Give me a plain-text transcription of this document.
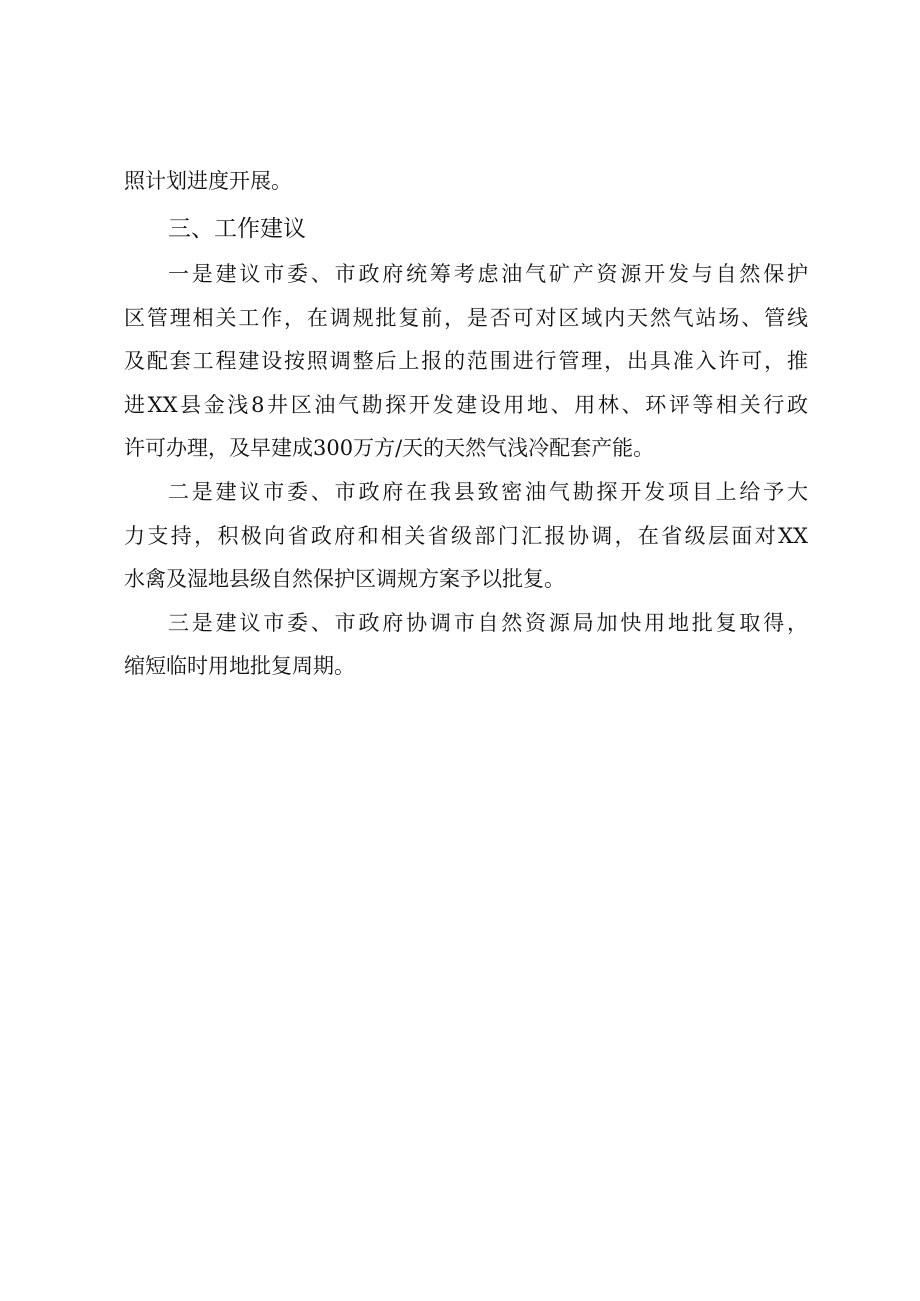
照计划进度开展。
三、工作建议
一是建议市委、市政府统筹考虑油气矿产资源开发与自然保护
区管理相关工作，在调规批复前，是否可对区域内天然气站场、管线
及配套工程建设按照调整后上报的范围进行管理，出具准入许可，推
进XX县金浅8井区油气勘探开发建设用地、用林、环评等相关行政
许可办理，及早建成300万方/天的天然气浅冷配套产能。
二是建议市委、市政府在我县致密油气勘探开发项目上给予大
力支持，积极向省政府和相关省级部门汇报协调，在省级层面对XX
水禽及湿地县级自然保护区调规方案予以批复。
三是建议市委、市政府协调市自然资源局加快用地批复取得，
缩短临时用地批复周期。
